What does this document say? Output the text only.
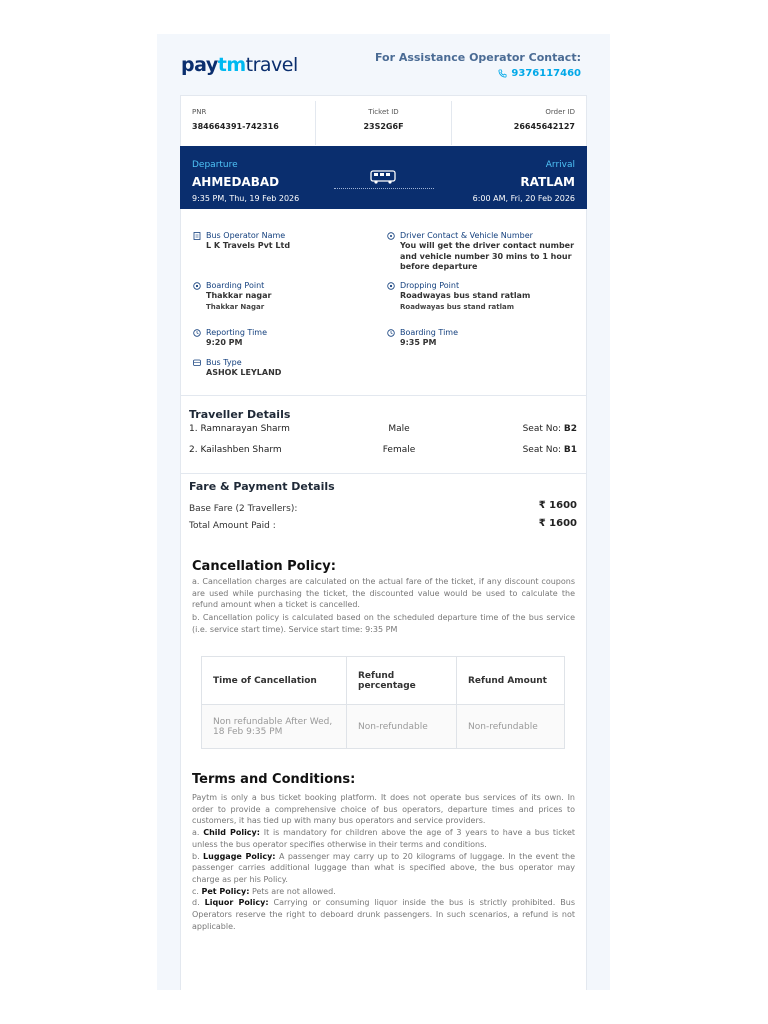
paytmtravel	For Assistance Operator Contact:
9376117460
PNR
384664391-742316
Ticket ID
23S2G6F
Order ID
26645642127
Departure
AHMEDABAD
9:35 PM, Thu, 19 Feb 2026
Arrival
RATLAM
6:00 AM, Fri, 20 Feb 2026
Bus Operator Name
L K Travels Pvt Ltd
Driver Contact & Vehicle Number
You will get the driver contact number and vehicle number 30 mins to 1 hour before departure
Boarding Point
Thakkar nagar
Thakkar Nagar
Dropping Point
Roadwayas bus stand ratlam
Roadwayas bus stand ratlam
Reporting Time
9:20 PM
Boarding Time
9:35 PM
Bus Type
ASHOK LEYLAND
Traveller Details
1. Ramnarayan Sharm	Male	Seat No: B2
2. Kailashben Sharm	Female	Seat No: B1
Fare & Payment Details
Base Fare (2 Travellers):	₹ 1600
Total Amount Paid :	₹ 1600
Cancellation Policy:
a. Cancellation charges are calculated on the actual fare of the ticket, if any discount coupons are used while purchasing the ticket, the discounted value would be used to calculate the refund amount when a ticket is cancelled.
b. Cancellation policy is calculated based on the scheduled departure time of the bus service (i.e. service start time). Service start time: 9:35 PM
Time of Cancellation	Refund percentage	Refund Amount
Non refundable After Wed, 18 Feb 9:35 PM	Non-refundable	Non-refundable
Terms and Conditions:
Paytm is only a bus ticket booking platform. It does not operate bus services of its own. In order to provide a comprehensive choice of bus operators, departure times and prices to customers, it has tied up with many bus operators and service providers.
a. Child Policy: It is mandatory for children above the age of 3 years to have a bus ticket unless the bus operator specifies otherwise in their terms and conditions.
b. Luggage Policy: A passenger may carry up to 20 kilograms of luggage. In the event the passenger carries additional luggage than what is specified above, the bus operator may charge as per his Policy.
c. Pet Policy: Pets are not allowed.
d. Liquor Policy: Carrying or consuming liquor inside the bus is strictly prohibited. Bus Operators reserve the right to deboard drunk passengers. In such scenarios, a refund is not applicable.
